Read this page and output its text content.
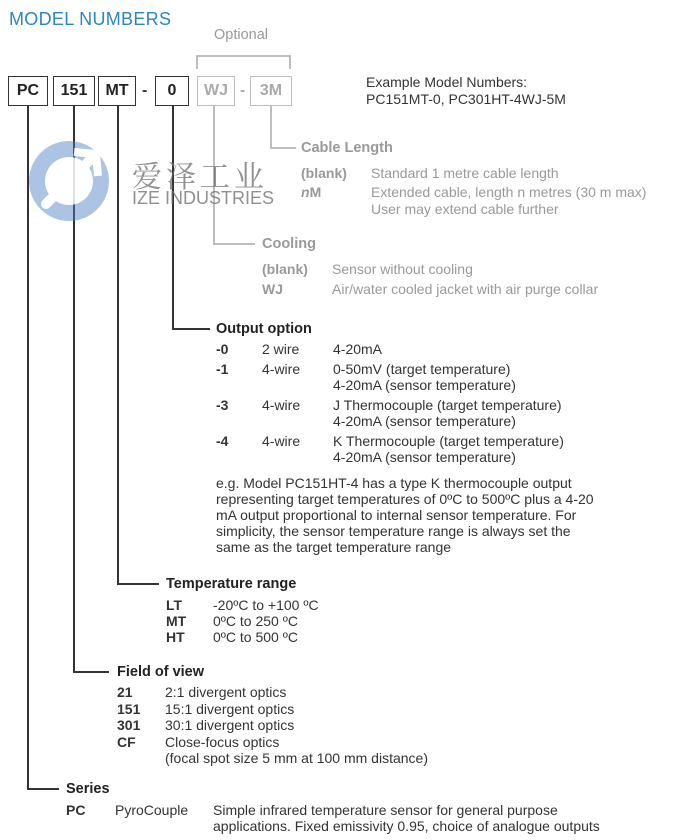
MODEL NUMBERS
Optional
PC	151	MT -	0	WJ - 3M	Example Model Numbers:
PC151MT-0, PC301HT-4WJ-5M
爱泽工业
IZE INDUSTRIES
Cable Length
(blank) Standard 1 metre cable length
nM	Extended cable, length n metres (30 m max)
User may extend cable further
Cooling
(blank) Sensor without cooling
WJ	Air/water cooled jacket with air purge collar
Output option
-0 2 wire 4-20mA
-1 4-wire 0-50mV (target temperature)
4-20mA (sensor temperature)
-3 4-wire J Thermocouple (target temperature)
4-20mA (sensor temperature)
-4 4-wire K Thermocouple (target temperature)
4-20mA (sensor temperature)
e.g. Model PC151HT-4 has a type K thermocouple output
representing target temperatures of 0ºC to 500ºC plus a 4-20
mA output proportional to internal sensor temperature. For
simplicity, the sensor temperature range is always set the
same as the target temperature range
Temperature range
LT -20ºC to +100 ºC
MT 0ºC to 250 ºC
HT 0ºC to 500 ºC
Field of view
21 2:1 divergent optics
151 15:1 divergent optics
301 30:1 divergent optics
CF Close-focus optics
(focal spot size 5 mm at 100 mm distance)
Series
PC PyroCouple Simple infrared temperature sensor for general purpose
applications. Fixed emissivity 0.95, choice of analogue outputs
